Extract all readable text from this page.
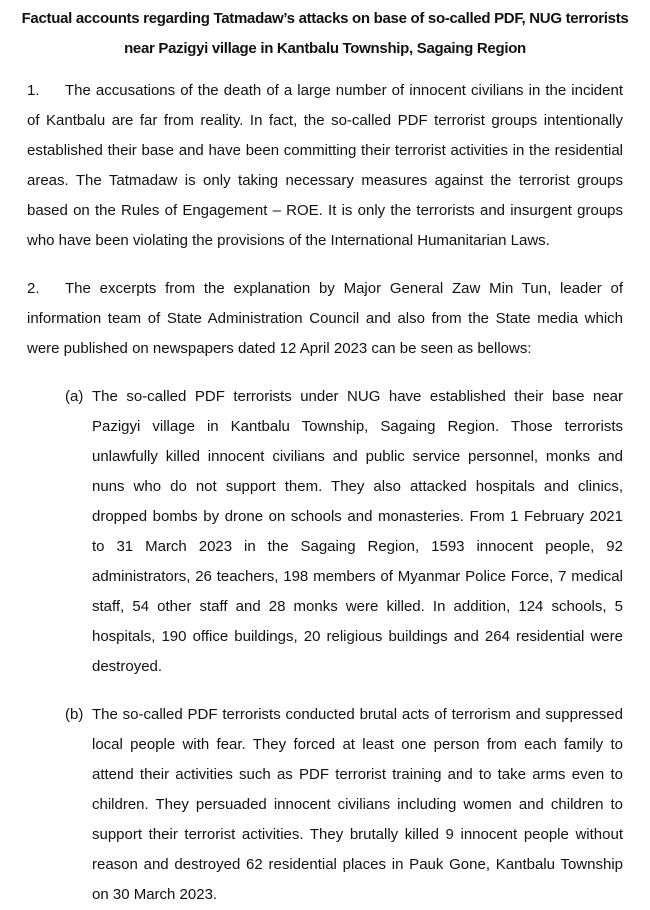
Factual accounts regarding Tatmadaw’s attacks on base of so-called PDF, NUG terrorists
near Pazigyi village in Kantbalu Township, Sagaing Region

1. The accusations of the death of a large number of innocent civilians in the incident of Kantbalu are far from reality. In fact, the so-called PDF terrorist groups intentionally established their base and have been committing their terrorist activities in the residential areas. The Tatmadaw is only taking necessary measures against the terrorist groups based on the Rules of Engagement – ROE. It is only the terrorists and insurgent groups who have been violating the provisions of the International Humanitarian Laws.

2. The excerpts from the explanation by Major General Zaw Min Tun, leader of information team of State Administration Council and also from the State media which were published on newspapers dated 12 April 2023 can be seen as bellows:

(a) The so-called PDF terrorists under NUG have established their base near Pazigyi village in Kantbalu Township, Sagaing Region. Those terrorists unlawfully killed innocent civilians and public service personnel, monks and nuns who do not support them. They also attacked hospitals and clinics, dropped bombs by drone on schools and monasteries. From 1 February 2021 to 31 March 2023 in the Sagaing Region, 1593 innocent people, 92 administrators, 26 teachers, 198 members of Myanmar Police Force, 7 medical staff, 54 other staff and 28 monks were killed. In addition, 124 schools, 5 hospitals, 190 office buildings, 20 religious buildings and 264 residential were destroyed.
(b) The so-called PDF terrorists conducted brutal acts of terrorism and suppressed local people with fear. They forced at least one person from each family to attend their activities such as PDF terrorist training and to take arms even to children. They persuaded innocent civilians including women and children to support their terrorist activities. They brutally killed 9 innocent people without reason and destroyed 62 residential places in Pauk Gone, Kantbalu Township on 30 March 2023.
